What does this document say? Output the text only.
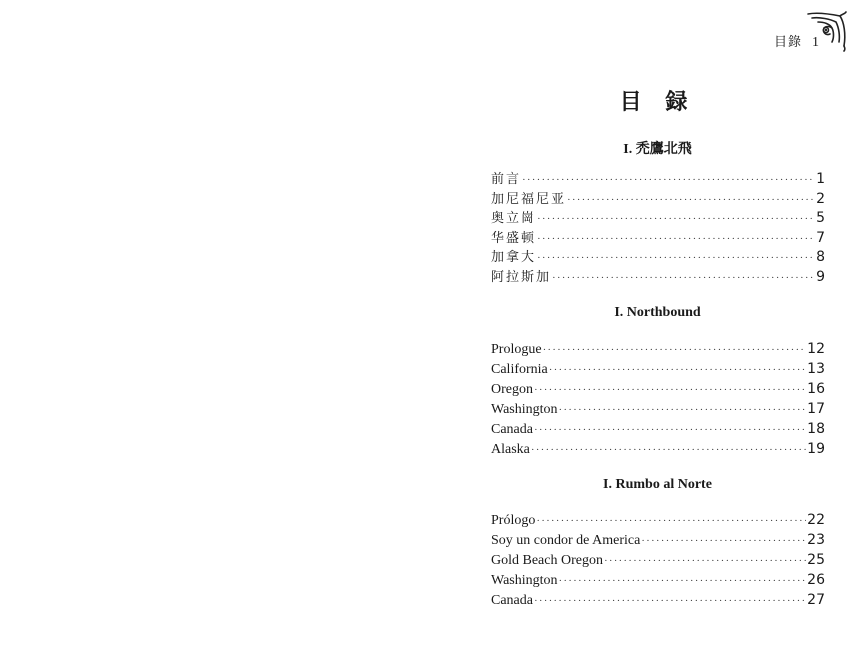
目錄 1
目 録
I. 禿鷹北飛
前言 ·····	1
加尼福尼亚 ·····	2
奥立崗 ·····	5
华盛顿 ·····	7
加拿大 ·····	8
阿拉斯加 ·····	9
I. Northbound
Prologue ·····	12
California ·····	13
Oregon ·····	16
Washington ·····	17
Canada ·····	18
Alaska ·····	19
I. Rumbo al Norte
Prólogo ·····	22
Soy un condor de America ·····	23
Gold Beach Oregon ·····	25
Washington ·····	26
Canada ·····	27
